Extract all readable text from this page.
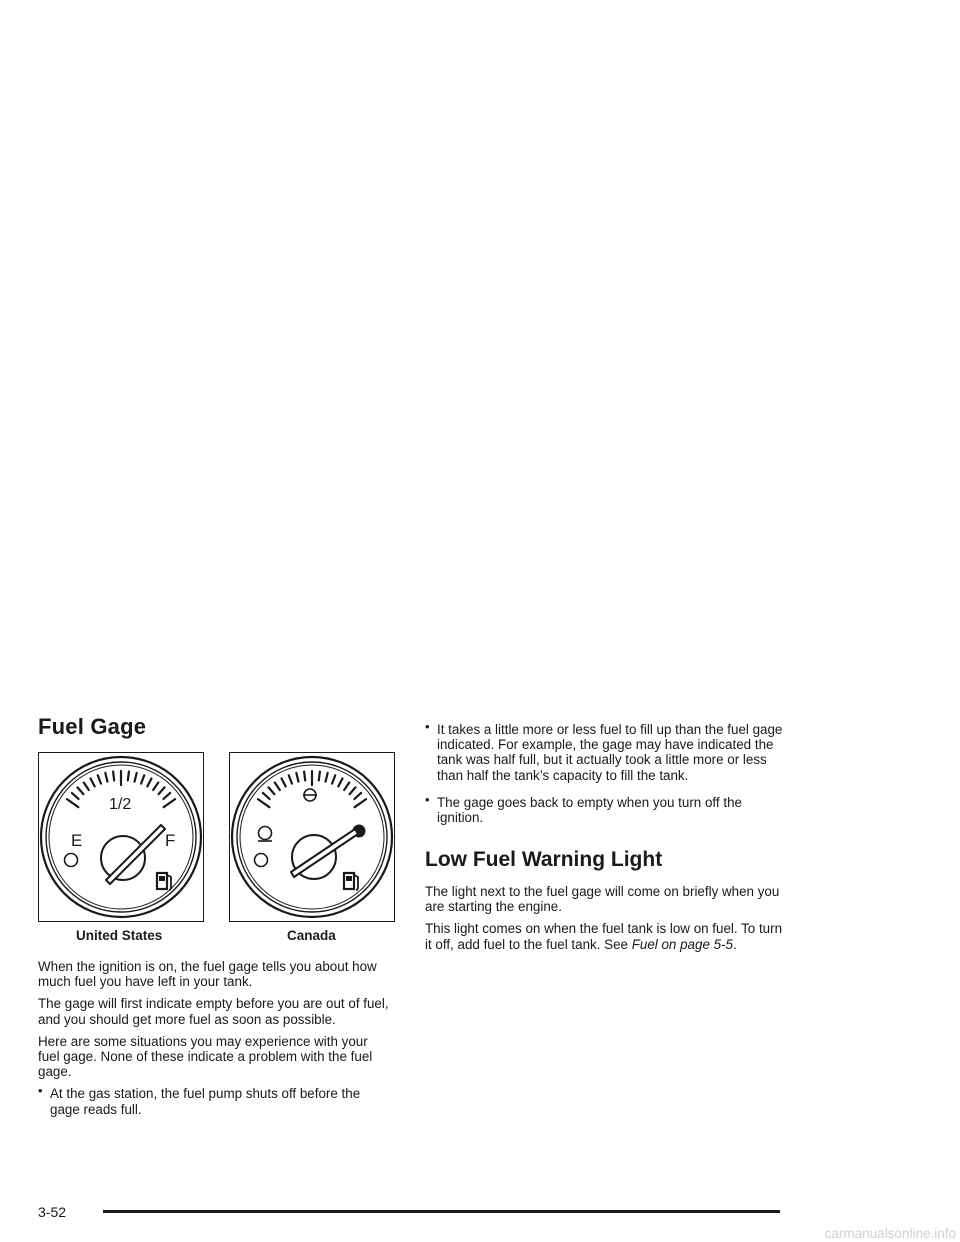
Fuel Gage
E
1/2
F
United States	Canada

When the ignition is on, the fuel gage tells you about how much fuel you have left in your tank.

The gage will first indicate empty before you are out of fuel, and you should get more fuel as soon as possible.

Here are some situations you may experience with your fuel gage. None of these indicate a problem with the fuel gage.

• At the gas station, the fuel pump shuts off before the gage reads full.
• It takes a little more or less fuel to fill up than the fuel gage indicated. For example, the gage may have indicated the tank was half full, but it actually took a little more or less than half the tank’s capacity to fill the tank.
• The gage goes back to empty when you turn off the ignition.
Low Fuel Warning Light

The light next to the fuel gage will come on briefly when you are starting the engine.

This light comes on when the fuel tank is low on fuel. To turn it off, add fuel to the fuel tank. See Fuel on page 5-5.

3-52
carmanualsonline.info
